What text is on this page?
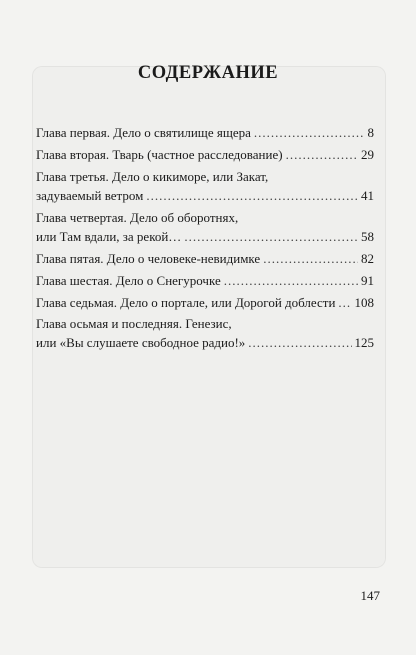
СОДЕРЖАНИЕ
Глава первая. Дело о святилище ящера .....	8
Глава вторая. Тварь (частное расследование) .....	29
Глава третья. Дело о кикиморе, или Закат,
задуваемый ветром .....	41
Глава четвертая. Дело об оборотнях,
или Там вдали, за рекой… .....	58
Глава пятая. Дело о человеке-невидимке .....	82
Глава шестая. Дело о Снегурочке .....	91
Глава седьмая. Дело о портале, или Дорогой доблести ..... 108
Глава осьмая и последняя. Генезис,
или «Вы слушаете свободное радио!» .....	125
147
